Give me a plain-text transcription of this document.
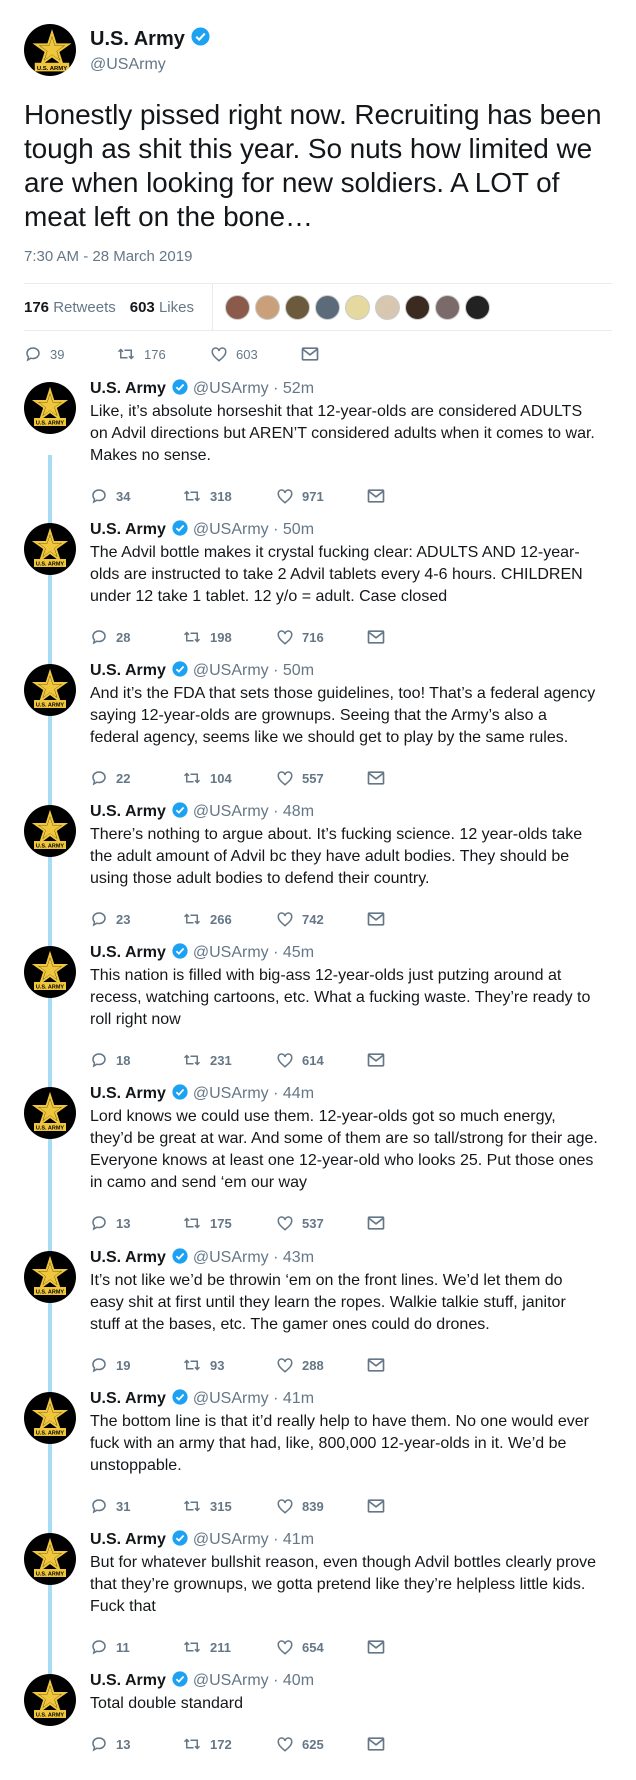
U.S. ARMY
U.S. Army
@USArmy
Honestly pissed right now. Recruiting has been tough as shit this year. So nuts how limited we are when looking for new soldiers. A LOT of meat left on the bone…
7:30 AM - 28 March 2019
176 Retweets 603 Likes
39	176	603
U.S. ARMY
U.S. Army @USArmy · 52m
Like, it’s absolute horseshit that 12-year-olds are considered ADULTS on Advil directions but AREN’T considered adults when it comes to war. Makes no sense.
34	318	971
U.S. ARMY
U.S. Army @USArmy · 50m
The Advil bottle makes it crystal fucking clear: ADULTS AND 12-year-olds are instructed to take 2 Advil tablets every 4-6 hours. CHILDREN under 12 take 1 tablet. 12 y/o = adult. Case closed
28	198	716
U.S. ARMY
U.S. Army @USArmy · 50m
And it’s the FDA that sets those guidelines, too! That’s a federal agency saying 12-year-olds are grownups. Seeing that the Army’s also a federal agency, seems like we should get to play by the same rules.
22	104	557
U.S. ARMY
U.S. Army @USArmy · 48m
There’s nothing to argue about. It’s fucking science. 12 year-olds take the adult amount of Advil bc they have adult bodies. They should be using those adult bodies to defend their country.
23	266	742
U.S. ARMY
U.S. Army @USArmy · 45m
This nation is filled with big-ass 12-year-olds just putzing around at recess, watching cartoons, etc. What a fucking waste. They’re ready to roll right now
18	231	614
U.S. ARMY
U.S. Army @USArmy · 44m
Lord knows we could use them. 12-year-olds got so much energy, they’d be great at war. And some of them are so tall/strong for their age. Everyone knows at least one 12-year-old who looks 25. Put those ones in camo and send ‘em our way
13	175	537
U.S. ARMY
U.S. Army @USArmy · 43m
It’s not like we’d be throwin ‘em on the front lines. We’d let them do easy shit at first until they learn the ropes. Walkie talkie stuff, janitor stuff at the bases, etc. The gamer ones could do drones.
19	93	288
U.S. ARMY
U.S. Army @USArmy · 41m
The bottom line is that it’d really help to have them. No one would ever fuck with an army that had, like, 800,000 12-year-olds in it. We’d be unstoppable.
31	315	839
U.S. ARMY
U.S. Army @USArmy · 41m
But for whatever bullshit reason, even though Advil bottles clearly prove that they’re grownups, we gotta pretend like they’re helpless little kids. Fuck that
11	211	654
U.S. ARMY
U.S. Army @USArmy · 40m
Total double standard
13	172	625
